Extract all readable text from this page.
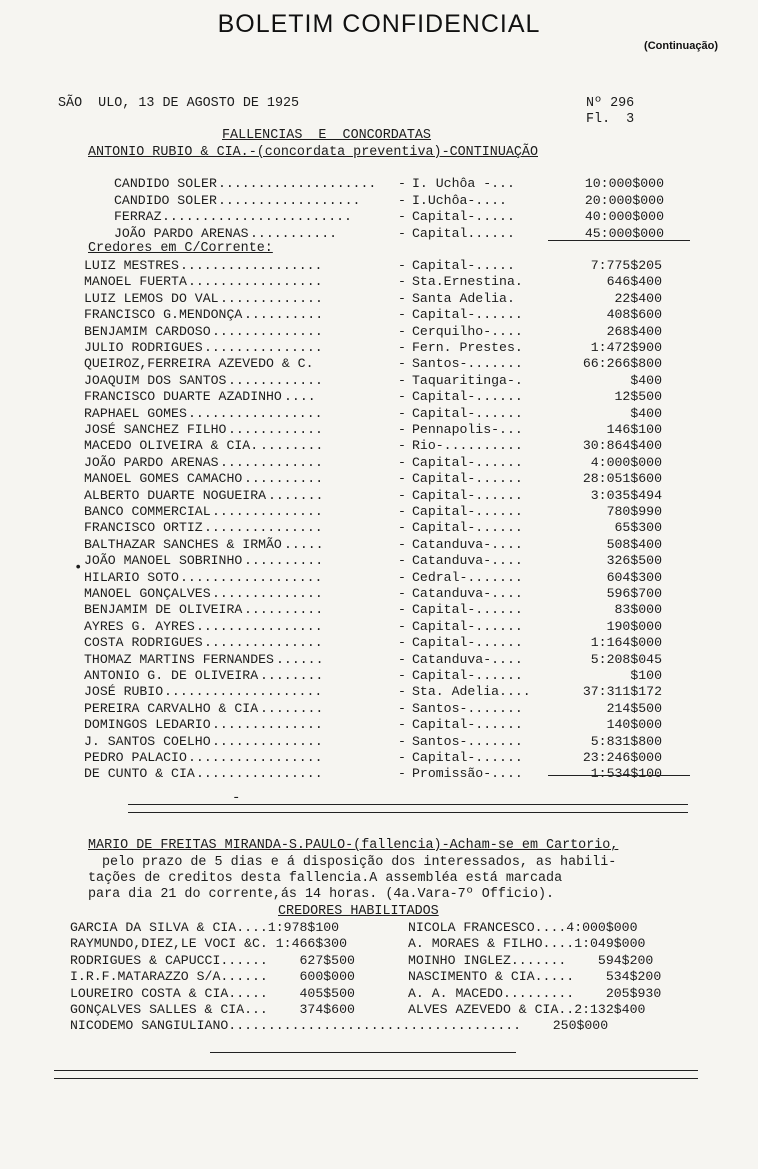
BOLETIM CONFIDENCIAL
(Continuação)
SÃO  ULO, 13 DE AGOSTO DE 1925	Nº 296
Fl.  3
FALLENCIAS  E  CONCORDATAS
ANTONIO RUBIO & CIA.-(concordata preventiva)-CONTINUAÇÃO
CANDIDO SOLER .................... - I. Uchôa -...	10:000$000
CANDIDO SOLER ..................	- I.Uchôa-....	20:000$000
FERRAZ ........................	- Capital-.....	40:000$000
JOÃO PARDO ARENAS ...........	- Capital......	45:000$000
Credores em C/Corrente:
LUIZ MESTRES ..................	- Capital-.....	7:775$205
MANOEL FUERTA .................	- Sta.Ernestina.	646$400
LUIZ LEMOS DO VAL .............	- Santa Adelia.	22$400
FRANCISCO G.MENDONÇA ..........	- Capital-......	408$600
BENJAMIM CARDOSO ..............	- Cerquilho-....	268$400
JULIO RODRIGUES ...............	- Fern. Prestes.	1:472$900
QUEIROZ,FERREIRA AZEVEDO & C.	- Santos-.......	66:266$800
JOAQUIM DOS SANTOS ............	- Taquaritinga-.	$400
FRANCISCO DUARTE AZADINHO ....	- Capital-......	12$500
RAPHAEL GOMES .................	- Capital-......	$400
JOSÉ SANCHEZ FILHO ............	- Pennapolis-...	146$100
MACEDO OLIVEIRA & CIA. ........	- Rio-..........	30:864$400
JOÃO PARDO ARENAS .............	- Capital-......	4:000$000
MANOEL GOMES CAMACHO ..........	- Capital-......	28:051$600
ALBERTO DUARTE NOGUEIRA .......	- Capital-......	3:035$494
BANCO COMMERCIAL ..............	- Capital-......	780$990
FRANCISCO ORTIZ ...............	- Capital-......	65$300
BALTHAZAR SANCHES & IRMÃO .....	- Catanduva-....	508$400
JOÃO MANOEL SOBRINHO ..........	- Catanduva-....	326$500
HILARIO SOTO ..................	- Cedral-.......	604$300
MANOEL GONÇALVES ..............	- Catanduva-....	596$700
BENJAMIM DE OLIVEIRA ..........	- Capital-......	83$000
AYRES G. AYRES ................	- Capital-......	190$000
COSTA RODRIGUES ...............	- Capital-......	1:164$000
THOMAZ MARTINS FERNANDES ......	- Catanduva-....	5:208$045
ANTONIO G. DE OLIVEIRA ........	- Capital-......	$100
JOSÉ RUBIO ....................	- Sta. Adelia....	37:311$172
PEREIRA CARVALHO & CIA ........	- Santos-.......	214$500
DOMINGOS LEDARIO ..............	- Capital-......	140$000
J. SANTOS COELHO ..............	- Santos-.......	5:831$800
PEDRO PALACIO .................	- Capital-......	23:246$000
DE CUNTO & CIA ................	- Promissão-....	1:534$100
MARIO DE FREITAS MIRANDA-S.PAULO-(fallencia)-Acham-se em Cartorio,
pelo prazo de 5 dias e á disposição dos interessados, as habili-
tações de creditos desta fallencia.A assembléa está marcada
para dia 21 do corrente,ás 14 horas. (4a.Vara-7º Officio).
CREDORES HABILITADOS
GARCIA DA SILVA & CIA....1:978$100	NICOLA FRANCESCO....4:000$000
RAYMUNDO,DIEZ,LE VOCI &C. 1:466$300	A. MORAES & FILHO....1:049$000
RODRIGUES & CAPUCCI......    627$500	MOINHO INGLEZ.......    594$200
I.R.F.MATARAZZO S/A......    600$000	NASCIMENTO & CIA.....    534$200
LOUREIRO COSTA & CIA.....    405$500	A. A. MACEDO.........    205$930
GONÇALVES SALLES & CIA...    374$600	ALVES AZEVEDO & CIA..2:132$400
NICODEMO SANGIULIANO.....................................    250$000
•
-
